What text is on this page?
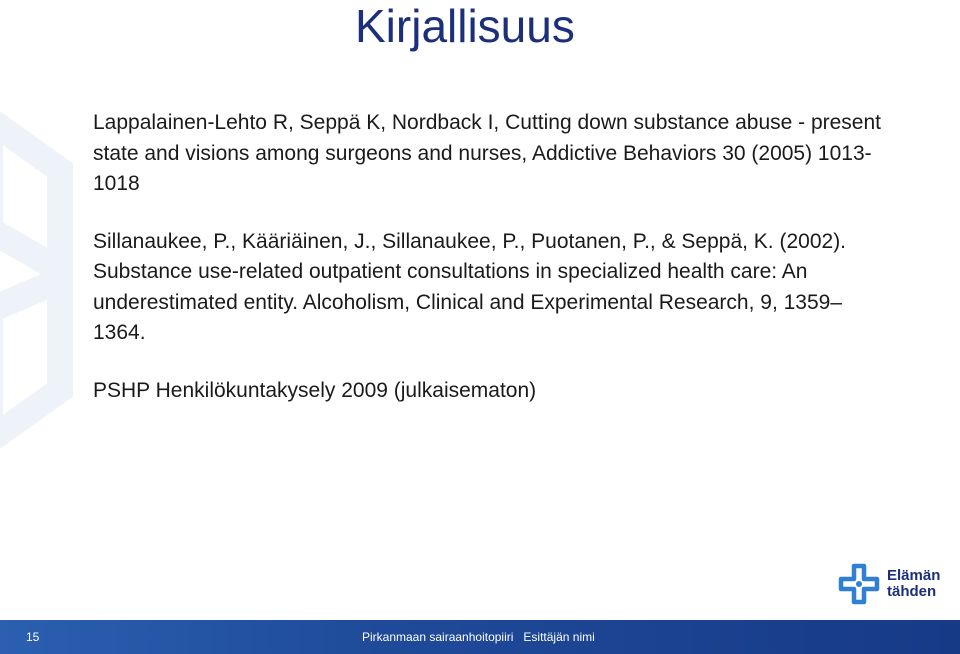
Kirjallisuus

Lappalainen-Lehto R, Seppä K, Nordback I, Cutting down substance abuse - present state and visions among surgeons and nurses, Addictive Behaviors 30 (2005) 1013-1018

Sillanaukee, P., Kääriäinen, J., Sillanaukee, P., Puotanen, P., & Seppä, K. (2002). Substance use-related outpatient consultations in specialized health care: An underestimated entity. Alcoholism, Clinical and Experimental Research, 9, 1359–1364.

PSHP Henkilökuntakysely 2009 (julkaisematon)

Elämän
tähden
15	Pirkanmaan sairaanhoitopiiri   Esittäjän nimi
